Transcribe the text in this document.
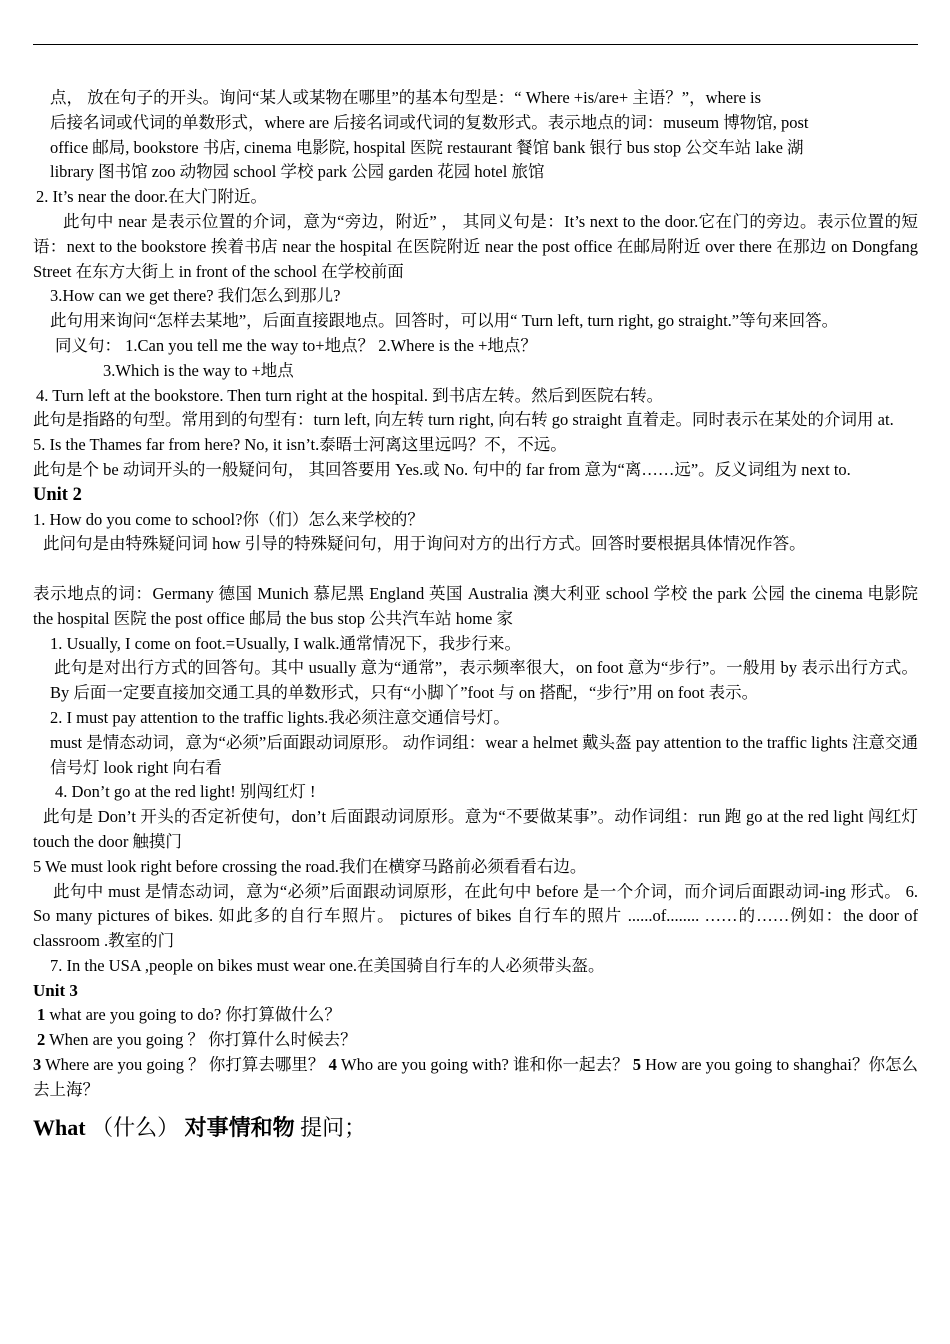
点， 放在句子的开头。询问“某人或某物在哪里”的基本句型是：“ Where +is/are+ 主语？”，where is
后接名词或代词的单数形式，where are 后接名词或代词的复数形式。表示地点的词：museum 博物馆, post
office 邮局, bookstore 书店, cinema 电影院, hospital 医院 restaurant 餐馆 bank 银行 bus stop 公交车站 lake 湖
library 图书馆 zoo 动物园 school 学校 park 公园 garden 花园 hotel 旅馆

2. It’s near the door.在大门附近。

此句中 near 是表示位置的介词，意为“旁边，附近” ， 其同义句是：It’s next to the door.它在门的旁边。表示位置的短语：next to the bookstore 挨着书店 near the hospital 在医院附近 near the post office 在邮局附近 over there 在那边 on Dongfang Street 在东方大街上 in front of the school 在学校前面

3.How can we get there? 我们怎么到那儿?

此句用来询问“怎样去某地”，后面直接跟地点。回答时，可以用“ Turn left, turn right, go straight.”等句来回答。

同义句： 1.Can you tell me the way to+地点？ 2.Where is the +地点？

3.Which is the way to +地点

4. Turn left at the bookstore. Then turn right at the hospital. 到书店左转。然后到医院右转。

此句是指路的句型。常用到的句型有：turn left, 向左转 turn right, 向右转 go straight 直着走。同时表示在某处的介词用 at.

5. Is the Thames far from here? No, it isn’t.泰晤士河离这里远吗？不，不远。

此句是个 be 动词开头的一般疑问句， 其回答要用 Yes.或 No. 句中的 far from 意为“离……远”。反义词组为 next to.

Unit 2

1. How do you come to school?你（们）怎么来学校的？

此问句是由特殊疑问词 how 引导的特殊疑问句，用于询问对方的出行方式。回答时要根据具体情况作答。

表示地点的词：Germany 德国 Munich 慕尼黑 England 英国 Australia 澳大利亚 school 学校 the park 公园 the cinema 电影院 the hospital 医院 the post office 邮局 the bus stop 公共汽车站 home 家

1. Usually, I come on foot.=Usually, I walk.通常情况下，我步行来。

此句是对出行方式的回答句。其中 usually 意为“通常”，表示频率很大，on foot 意为“步行”。一般用 by 表示出行方式。By 后面一定要直接加交通工具的单数形式，只有“小脚丫”foot 与 on 搭配，“步行”用 on foot 表示。

2. I must pay attention to the traffic lights.我必须注意交通信号灯。

must 是情态动词，意为“必须”后面跟动词原形。 动作词组：wear a helmet 戴头盔 pay attention to the traffic lights 注意交通信号灯 look right 向右看

4. Don’t go at the red light! 别闯红灯 !

此句是 Don’t 开头的否定祈使句，don’t 后面跟动词原形。意为“不要做某事”。动作词组：run 跑 go at the red light 闯红灯 touch the door 触摸门

5 We must look right before crossing the road.我们在横穿马路前必须看看右边。

此句中 must 是情态动词，意为“必须”后面跟动词原形，在此句中 before 是一个介词，而介词后面跟动词-ing 形式。 6. So many pictures of bikes. 如此多的自行车照片。 pictures of bikes 自行车的照片 ......of........ ……的……例如：the door of classroom .教室的门

7. In the USA ,people on bikes must wear one.在美国骑自行车的人必须带头盔。

Unit 3

1 what are you going to do? 你打算做什么？

2 When are you going ？ 你打算什么时候去？

3 Where are you going ？ 你打算去哪里？ 4 Who are you going with? 谁和你一起去？ 5 How are you going to shanghai？你怎么去上海？

What （什么） 对事情和物 提问；
